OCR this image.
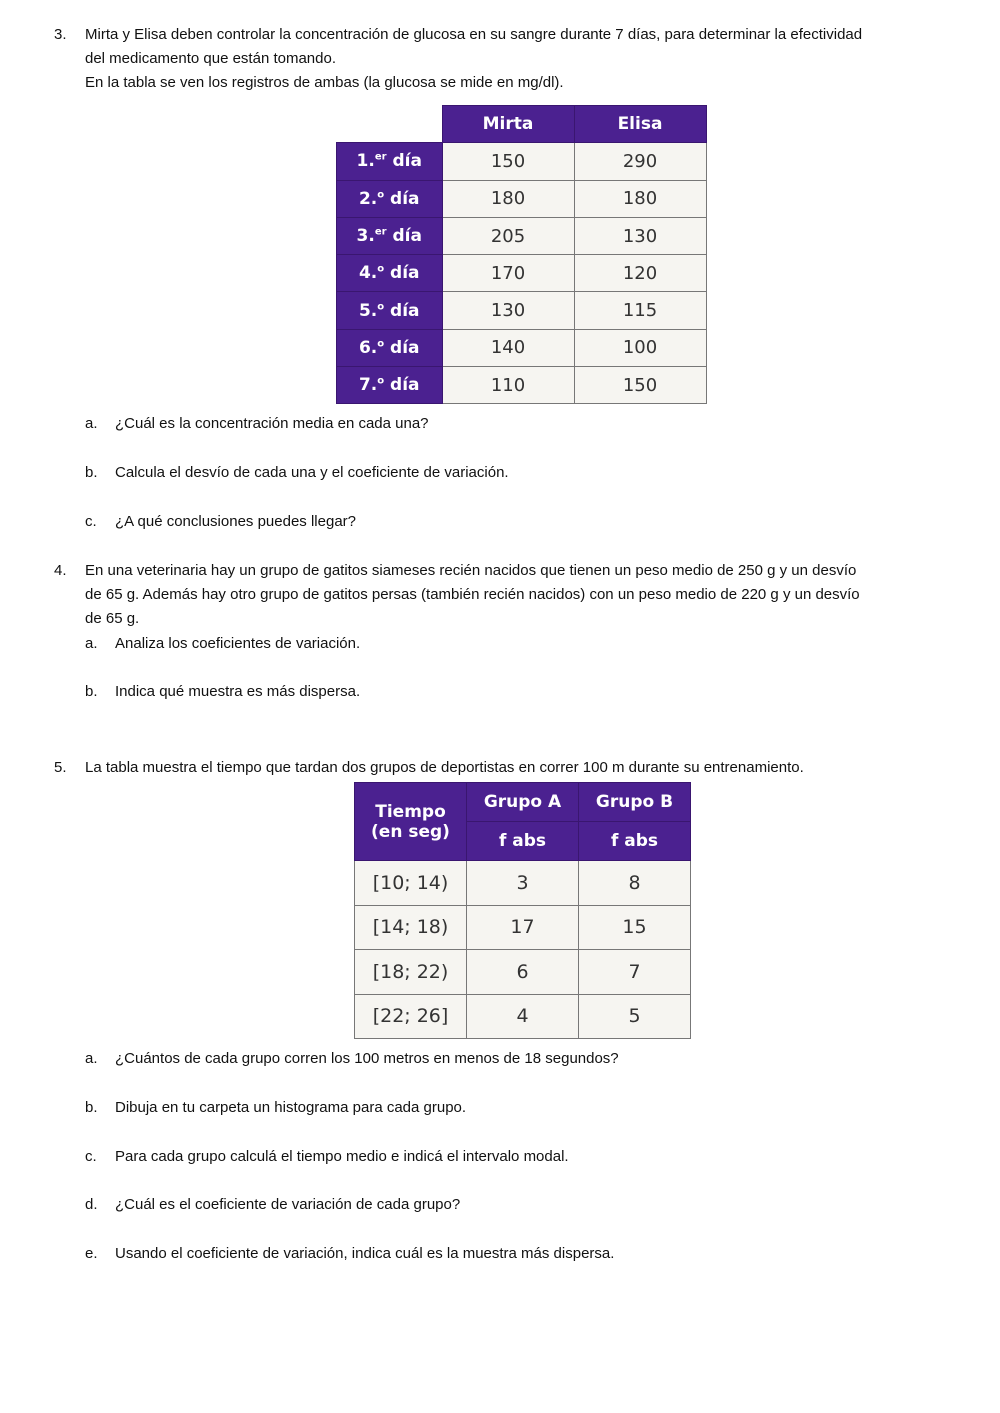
3. Mirta y Elisa deben controlar la concentración de glucosa en su sangre durante 7 días, para determinar la efectividad
del medicamento que están tomando.
En la tabla se ven los registros de ambas (la glucosa se mide en mg/dl).
	Mirta	Elisa
1.$^{er}$ día	150	290
2.$^o$ día	180	180
3.$^{er}$ día	205	130
4.$^o$ día	170	120
5.$^o$ día	130	115
6.$^o$ día	140	100
7.$^o$ día	110	150
a. ¿Cuál es la concentración media en cada una?
b. Calcula el desvío de cada una y el coeficiente de variación.
c. ¿A qué conclusiones puedes llegar?
4. En una veterinaria hay un grupo de gatitos siameses recién nacidos que tienen un peso medio de 250 g y un desvío
de 65 g. Además hay otro grupo de gatitos persas (también recién nacidos) con un peso medio de 220 g y un desvío
de 65 g.
a. Analiza los coeficientes de variación.
b. Indica qué muestra es más dispersa.
5. La tabla muestra el tiempo que tardan dos grupos de deportistas en correr 100 m durante su entrenamiento.
Tiempo
(en seg)	Grupo A	Grupo B
	f abs	f abs
[10; 14)	3	8
[14; 18)	17	15
[18; 22)	6	7
[22; 26]	4	5
a. ¿Cuántos de cada grupo corren los 100 metros en menos de 18 segundos?
b. Dibuja en tu carpeta un histograma para cada grupo.
c. Para cada grupo calculá el tiempo medio e indicá el intervalo modal.
d. ¿Cuál es el coeficiente de variación de cada grupo?
e. Usando el coeficiente de variación, indica cuál es la muestra más dispersa.
